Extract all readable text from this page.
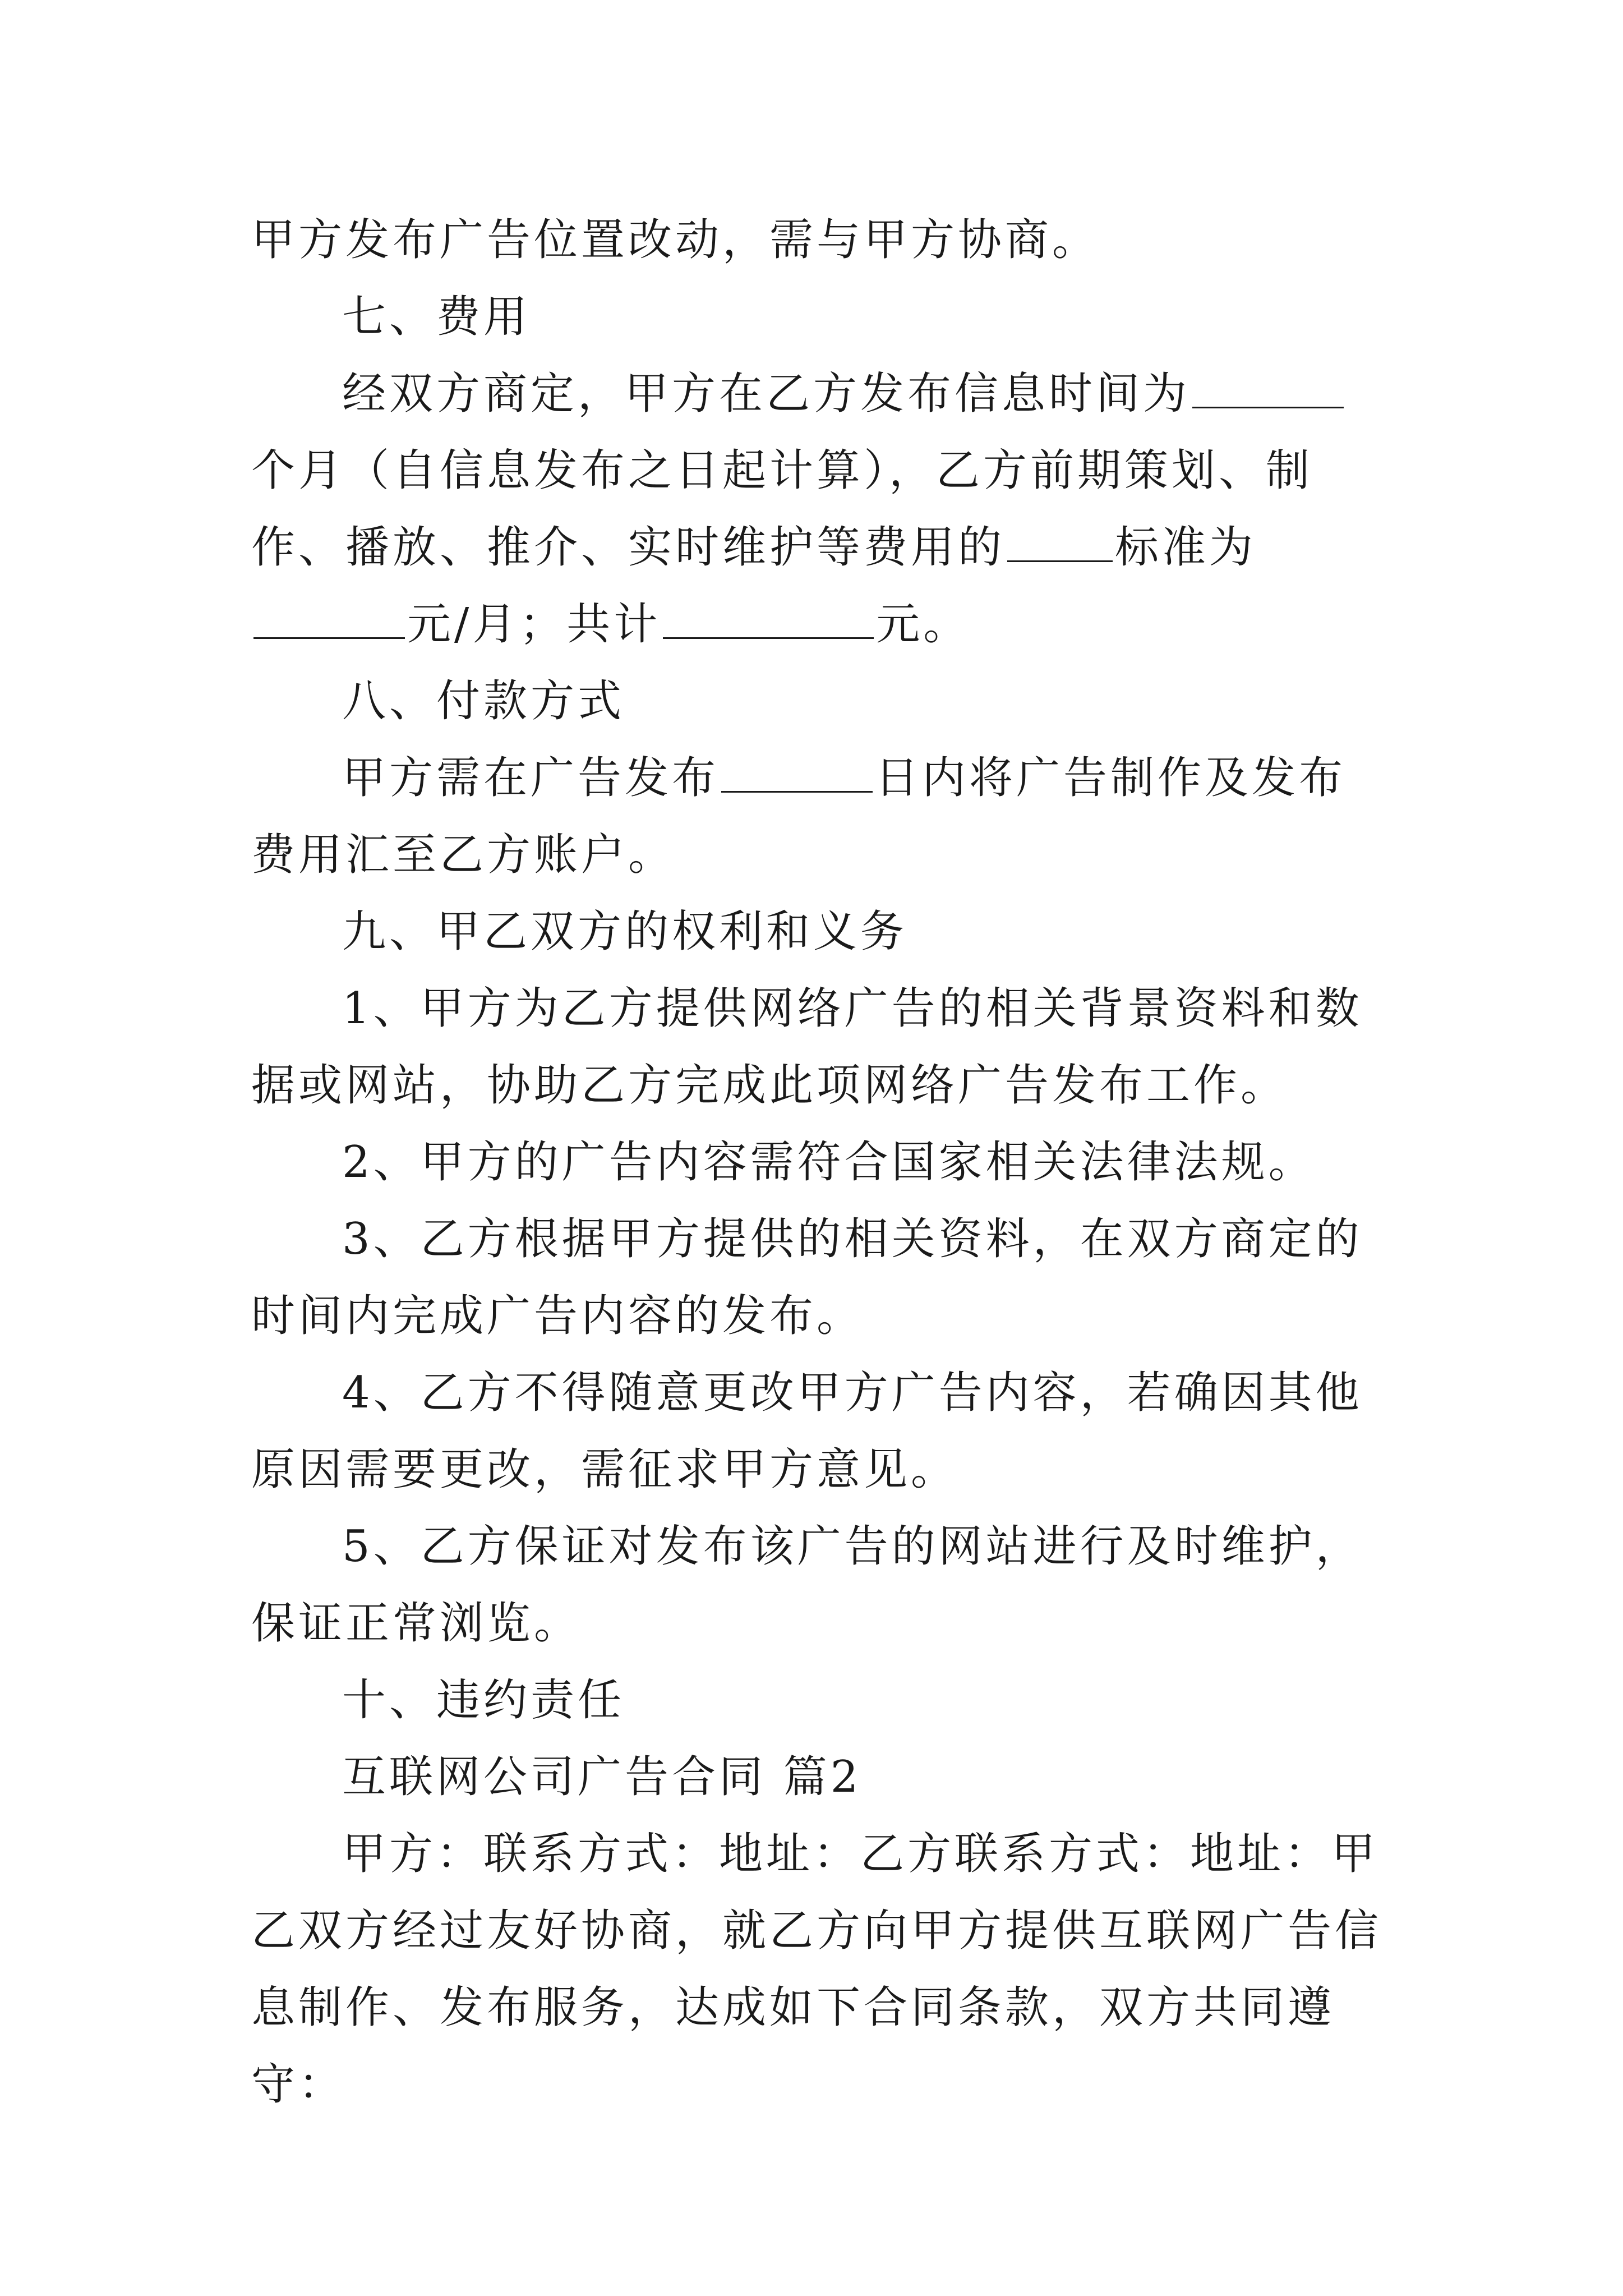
甲方发布广告位置改动，需与甲方协商。

七、费用

经双方商定，甲方在乙方发布信息时间为个月（自信息发布之日起计算），乙方前期策划、制作、播放、推介、实时维护等费用的	标准为元/月；共计	元。

八、付款方式

甲方需在广告发布	日内将广告制作及发布费用汇至乙方账户。

九、甲乙双方的权利和义务

1、甲方为乙方提供网络广告的相关背景资料和数据或网站，协助乙方完成此项网络广告发布工作。

2、甲方的广告内容需符合国家相关法律法规。

3、乙方根据甲方提供的相关资料，在双方商定的时间内完成广告内容的发布。

4、乙方不得随意更改甲方广告内容，若确因其他原因需要更改，需征求甲方意见。

5、乙方保证对发布该广告的网站进行及时维护，保证正常浏览。

十、违约责任

互联网公司广告合同 篇2

甲方：联系方式：地址：乙方联系方式：地址：甲乙双方经过友好协商，就乙方向甲方提供互联网广告信息制作、发布服务，达成如下合同条款，双方共同遵守：
